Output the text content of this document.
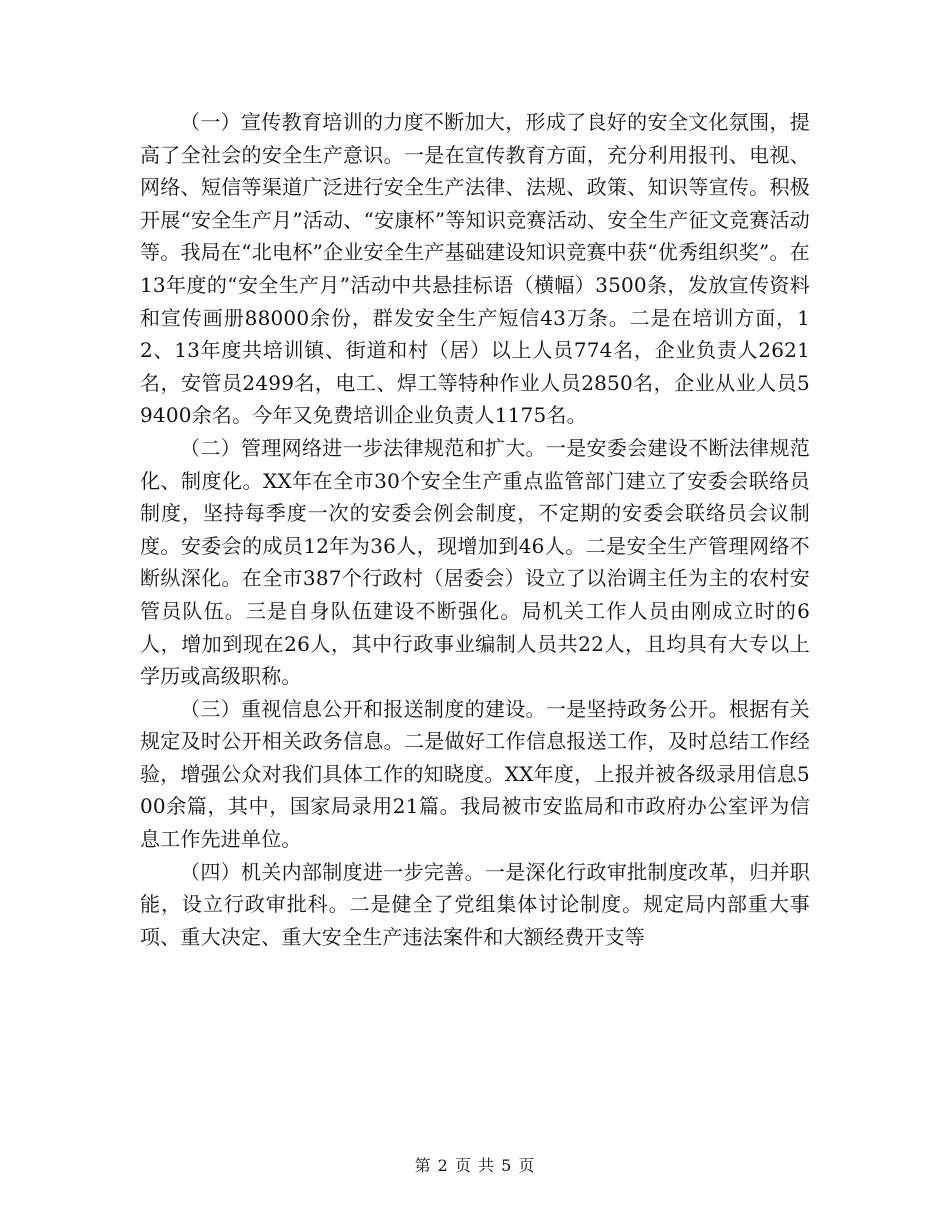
（一）宣传教育培训的力度不断加大，形成了良好的安全文化氛围，提高了全社会的安全生产意识。一是在宣传教育方面，充分利用报刊、电视、网络、短信等渠道广泛进行安全生产法律、法规、政策、知识等宣传。积极开展“安全生产月”活动、“安康杯”等知识竞赛活动、安全生产征文竞赛活动等。我局在“北电杯”企业安全生产基础建设知识竞赛中获“优秀组织奖”。在13年度的“安全生产月”活动中共悬挂标语（横幅）3500条，发放宣传资料和宣传画册88000余份，群发安全生产短信43万条。二是在培训方面，12、13年度共培训镇、街道和村（居）以上人员774名，企业负责人2621名，安管员2499名，电工、焊工等特种作业人员2850名，企业从业人员59400余名。今年又免费培训企业负责人1175名。

（二）管理网络进一步法律规范和扩大。一是安委会建设不断法律规范化、制度化。XX年在全市30个安全生产重点监管部门建立了安委会联络员制度，坚持每季度一次的安委会例会制度，不定期的安委会联络员会议制度。安委会的成员12年为36人，现增加到46人。二是安全生产管理网络不断纵深化。在全市387个行政村（居委会）设立了以治调主任为主的农村安管员队伍。三是自身队伍建设不断强化。局机关工作人员由刚成立时的6人，增加到现在26人，其中行政事业编制人员共22人，且均具有大专以上学历或高级职称。

（三）重视信息公开和报送制度的建设。一是坚持政务公开。根据有关规定及时公开相关政务信息。二是做好工作信息报送工作，及时总结工作经验，增强公众对我们具体工作的知晓度。XX年度，上报并被各级录用信息500余篇，其中，国家局录用21篇。我局被市安监局和市政府办公室评为信息工作先进单位。

（四）机关内部制度进一步完善。一是深化行政审批制度改革，归并职能，设立行政审批科。二是健全了党组集体讨论制度。规定局内部重大事项、重大决定、重大安全生产违法案件和大额经费开支等

第 2 页 共 5 页
